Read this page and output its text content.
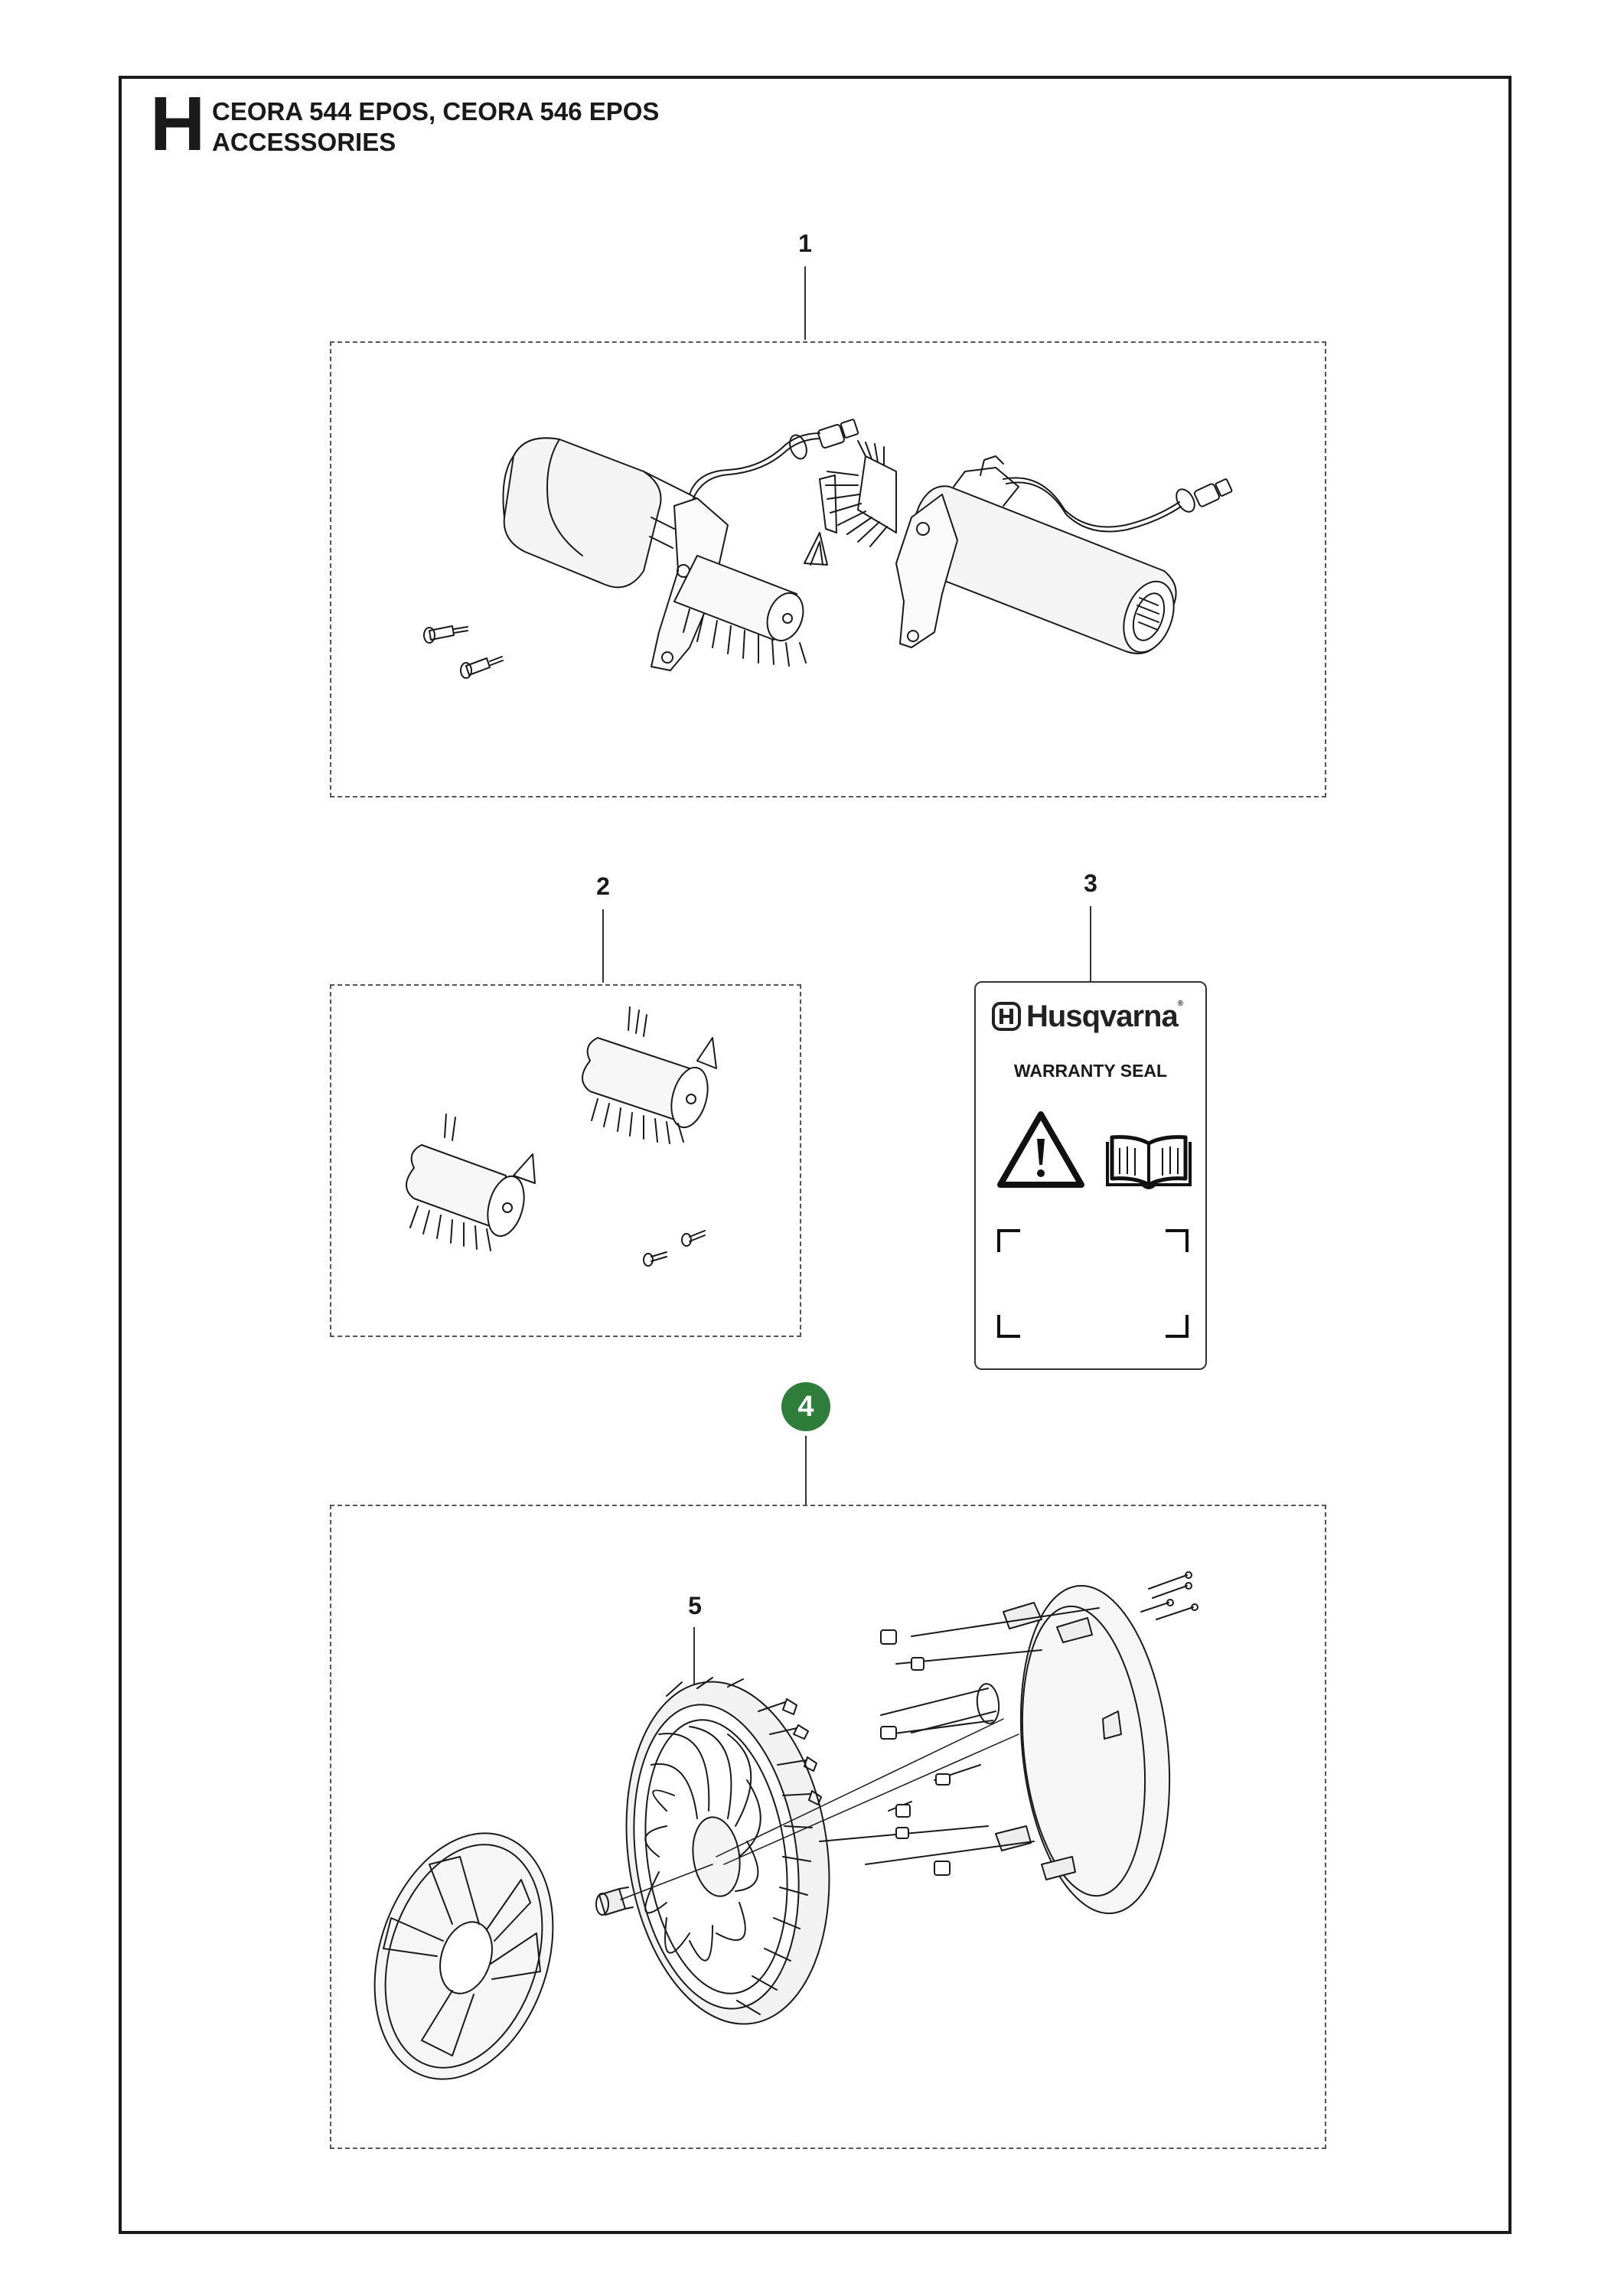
H CEORA 544 EPOS, CEORA 546 EPOS
ACCESSORIES
1
2	3
Husqvarna®
WARRANTY SEAL
4
5
